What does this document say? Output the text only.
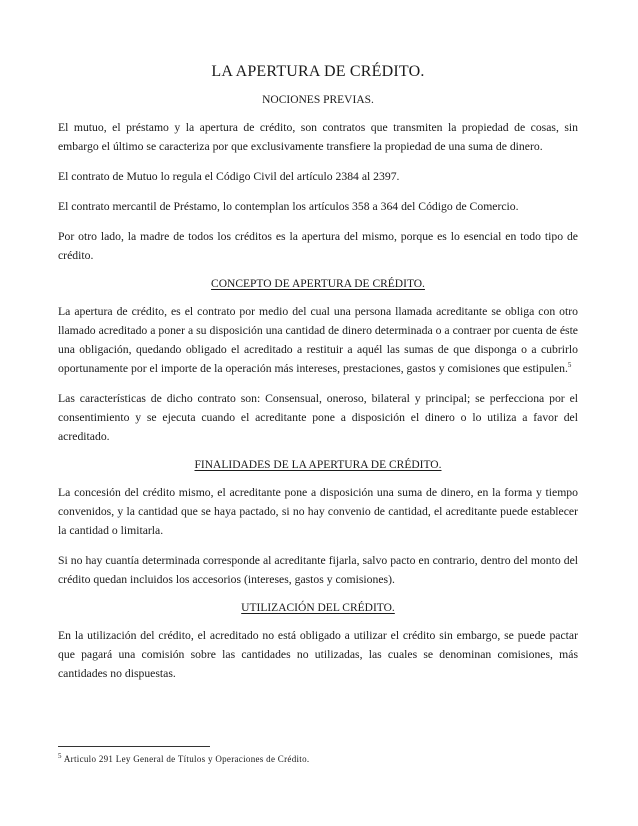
LA APERTURA DE CRÉDITO.
NOCIONES PREVIAS.

El mutuo, el préstamo y la apertura de crédito, son contratos que transmiten la propiedad de cosas, sin embargo el último se caracteriza por que exclusivamente transfiere la propiedad de una suma de dinero.

El contrato de Mutuo lo regula el Código Civil del artículo 2384 al 2397.

El contrato mercantil de Préstamo, lo contemplan los artículos 358 a 364 del Código de Comercio.

Por otro lado, la madre de todos los créditos es la apertura del mismo, porque es lo esencial en todo tipo de crédito.

CONCEPTO DE APERTURA DE CRÉDITO.

La apertura de crédito, es el contrato por medio del cual una persona llamada acreditante se obliga con otro llamado acreditado a poner a su disposición una cantidad de dinero determinada o a contraer por cuenta de éste una obligación, quedando obligado el acreditado a restituir a aquél las sumas de que disponga o a cubrirlo oportunamente por el importe de la operación más intereses, prestaciones, gastos y comisiones que estipulen.$^5$

Las características de dicho contrato son: Consensual, oneroso, bilateral y principal; se perfecciona por el consentimiento y se ejecuta cuando el acreditante pone a disposición el dinero o lo utiliza a favor del acreditado.

FINALIDADES DE LA APERTURA DE CRÉDITO.

La concesión del crédito mismo, el acreditante pone a disposición una suma de dinero, en la forma y tiempo convenidos, y la cantidad que se haya pactado, si no hay convenio de cantidad, el acreditante puede establecer la cantidad o limitarla.

Si no hay cuantía determinada corresponde al acreditante fijarla, salvo pacto en contrario, dentro del monto del crédito quedan incluidos los accesorios (intereses, gastos y comisiones).

UTILIZACIÓN DEL CRÉDITO.

En la utilización del crédito, el acreditado no está obligado a utilizar el crédito sin embargo, se puede pactar que pagará una comisión sobre las cantidades no utilizadas, las cuales se denominan comisiones, más cantidades no dispuestas.

$^5$ Articulo 291 Ley General de Títulos y Operaciones de Crédito.
